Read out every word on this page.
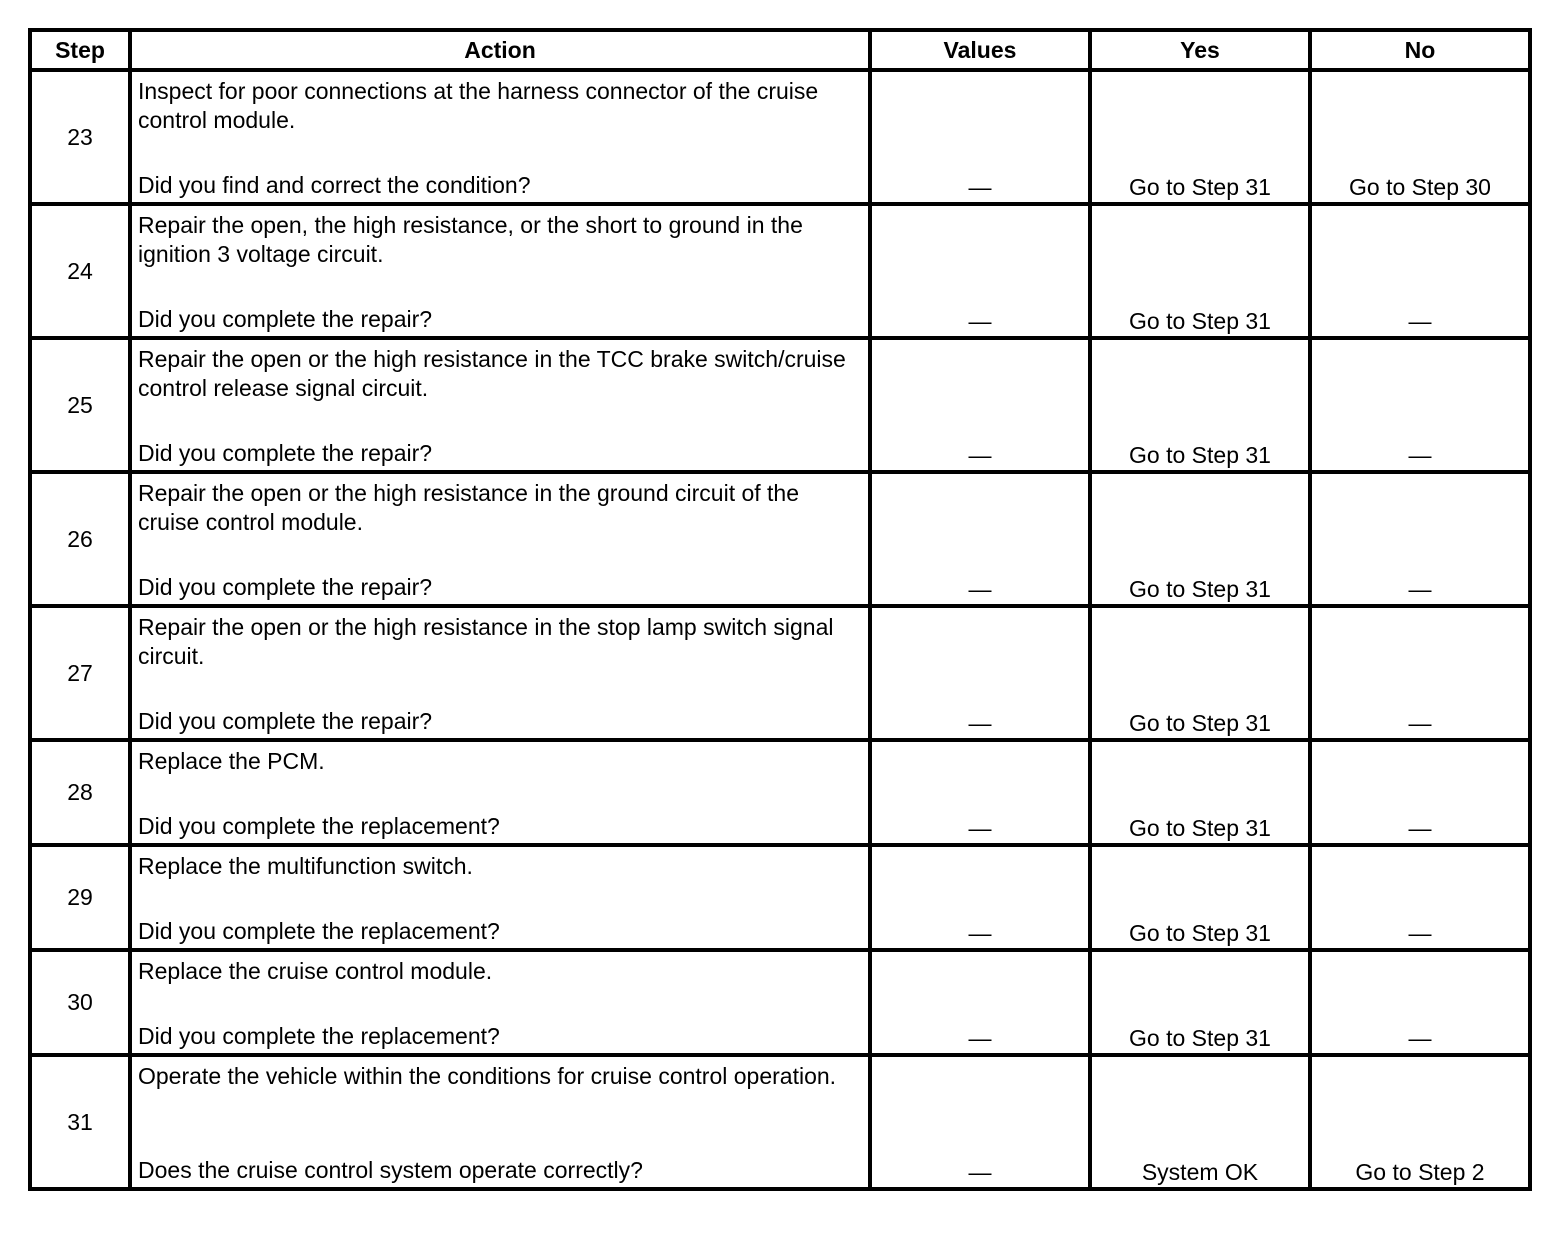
Step	Action	Values	Yes	No
23	Inspect for poor connections at the harness connector of the cruise control module.
Did you find and correct the condition?	—	Go to Step 31	Go to Step 30
24	Repair the open, the high resistance, or the short to ground in the ignition 3 voltage circuit.
Did you complete the repair?	—	Go to Step 31	—
25	Repair the open or the high resistance in the TCC brake switch/cruise control release signal circuit.
Did you complete the repair?	—	Go to Step 31	—
26	Repair the open or the high resistance in the ground circuit of the cruise control module.
Did you complete the repair?	—	Go to Step 31	—
27	Repair the open or the high resistance in the stop lamp switch signal circuit.
Did you complete the repair?	—	Go to Step 31	—
28	Replace the PCM.
Did you complete the replacement?	—	Go to Step 31	—
29	Replace the multifunction switch.
Did you complete the replacement?	—	Go to Step 31	—
30	Replace the cruise control module.
Did you complete the replacement?	—	Go to Step 31	—
31	Operate the vehicle within the conditions for cruise control operation.
Does the cruise control system operate correctly?	—	System OK	Go to Step 2
